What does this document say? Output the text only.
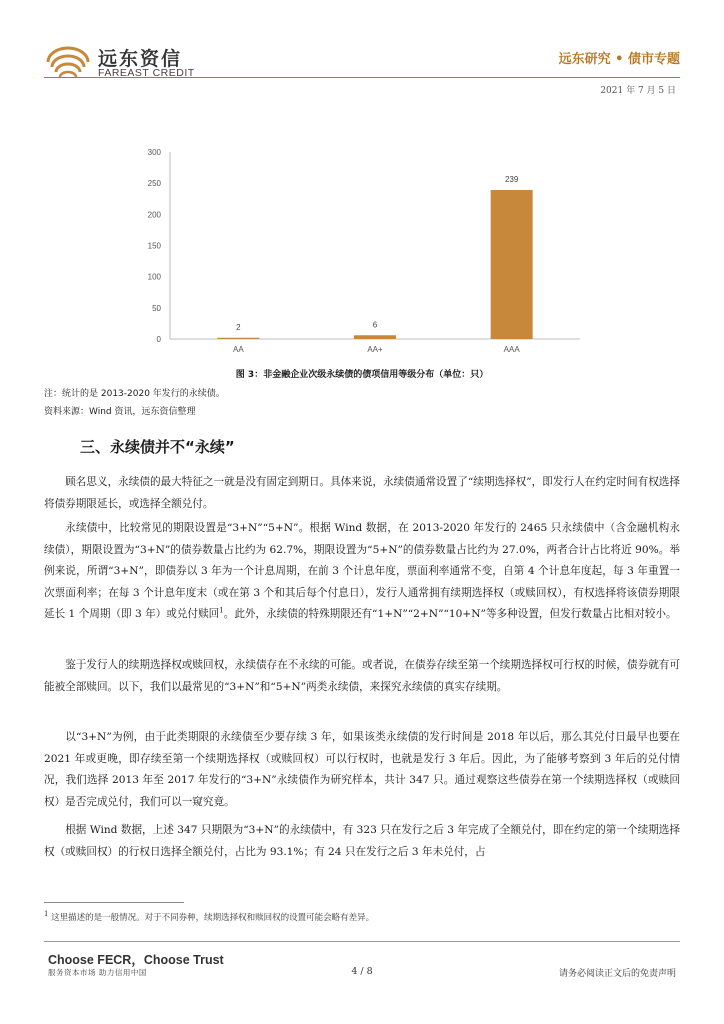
远东资信
FAREAST CREDIT
远东研究 • 债市专题
2021 年 7 月 5 日
0
50
100
150
200
250
300
2
AA
6
AA+
239
AAA
图 3：非金融企业次级永续债的债项信用等级分布（单位：只）
注：统计的是 2013-2020 年发行的永续债。
资料来源：Wind 资讯，远东资信整理
三、永续债并不“永续”

顾名思义，永续债的最大特征之一就是没有固定到期日。具体来说，永续债通常设置了“续期选择权”，即发行人在约定时间有权选择将债券期限延长，或选择全额兑付。

永续债中，比较常见的期限设置是“3+N”“5+N”。根据 Wind 数据，在 2013-2020 年发行的 2465 只永续债中（含金融机构永续债），期限设置为“3+N”的债券数量占比约为 62.7%，期限设置为“5+N”的债券数量占比约为 27.0%，两者合计占比将近 90%。举例来说，所谓“3+N”，即债券以 3 年为一个计息周期，在前 3 个计息年度，票面利率通常不变，自第 4 个计息年度起，每 3 年重置一次票面利率；在每 3 个计息年度末（或在第 3 个和其后每个付息日），发行人通常拥有续期选择权（或赎回权），有权选择将该债券期限延长 1 个周期（即 3 年）或兑付赎回$^1$。此外，永续债的特殊期限还有“1+N”“2+N”“10+N”等多种设置，但发行数量占比相对较小。

鉴于发行人的续期选择权或赎回权，永续债存在不永续的可能。或者说，在债券存续至第一个续期选择权可行权的时候，债券就有可能被全部赎回。以下，我们以最常见的“3+N”和“5+N”两类永续债，来探究永续债的真实存续期。

以“3+N”为例，由于此类期限的永续债至少要存续 3 年，如果该类永续债的发行时间是 2018 年以后，那么其兑付日最早也要在 2021 年或更晚，即存续至第一个续期选择权（或赎回权）可以行权时，也就是发行 3 年后。因此，为了能够考察到 3 年后的兑付情况，我们选择 2013 年至 2017 年发行的“3+N”永续债作为研究样本，共计 347 只。通过观察这些债券在第一个续期选择权（或赎回权）是否完成兑付，我们可以一窥究竟。

根据 Wind 数据，上述 347 只期限为“3+N”的永续债中，有 323 只在发行之后 3 年完成了全额兑付，即在约定的第一个续期选择权（或赎回权）的行权日选择全额兑付，占比为 93.1%；有 24 只在发行之后 3 年未兑付，占

$^1$ 这里描述的是一般情况。对于不同券种，续期选择权和赎回权的设置可能会略有差异。
Choose FECR，Choose Trust
服务资本市场 助力信用中国	4 / 8	请务必阅读正文后的免责声明
